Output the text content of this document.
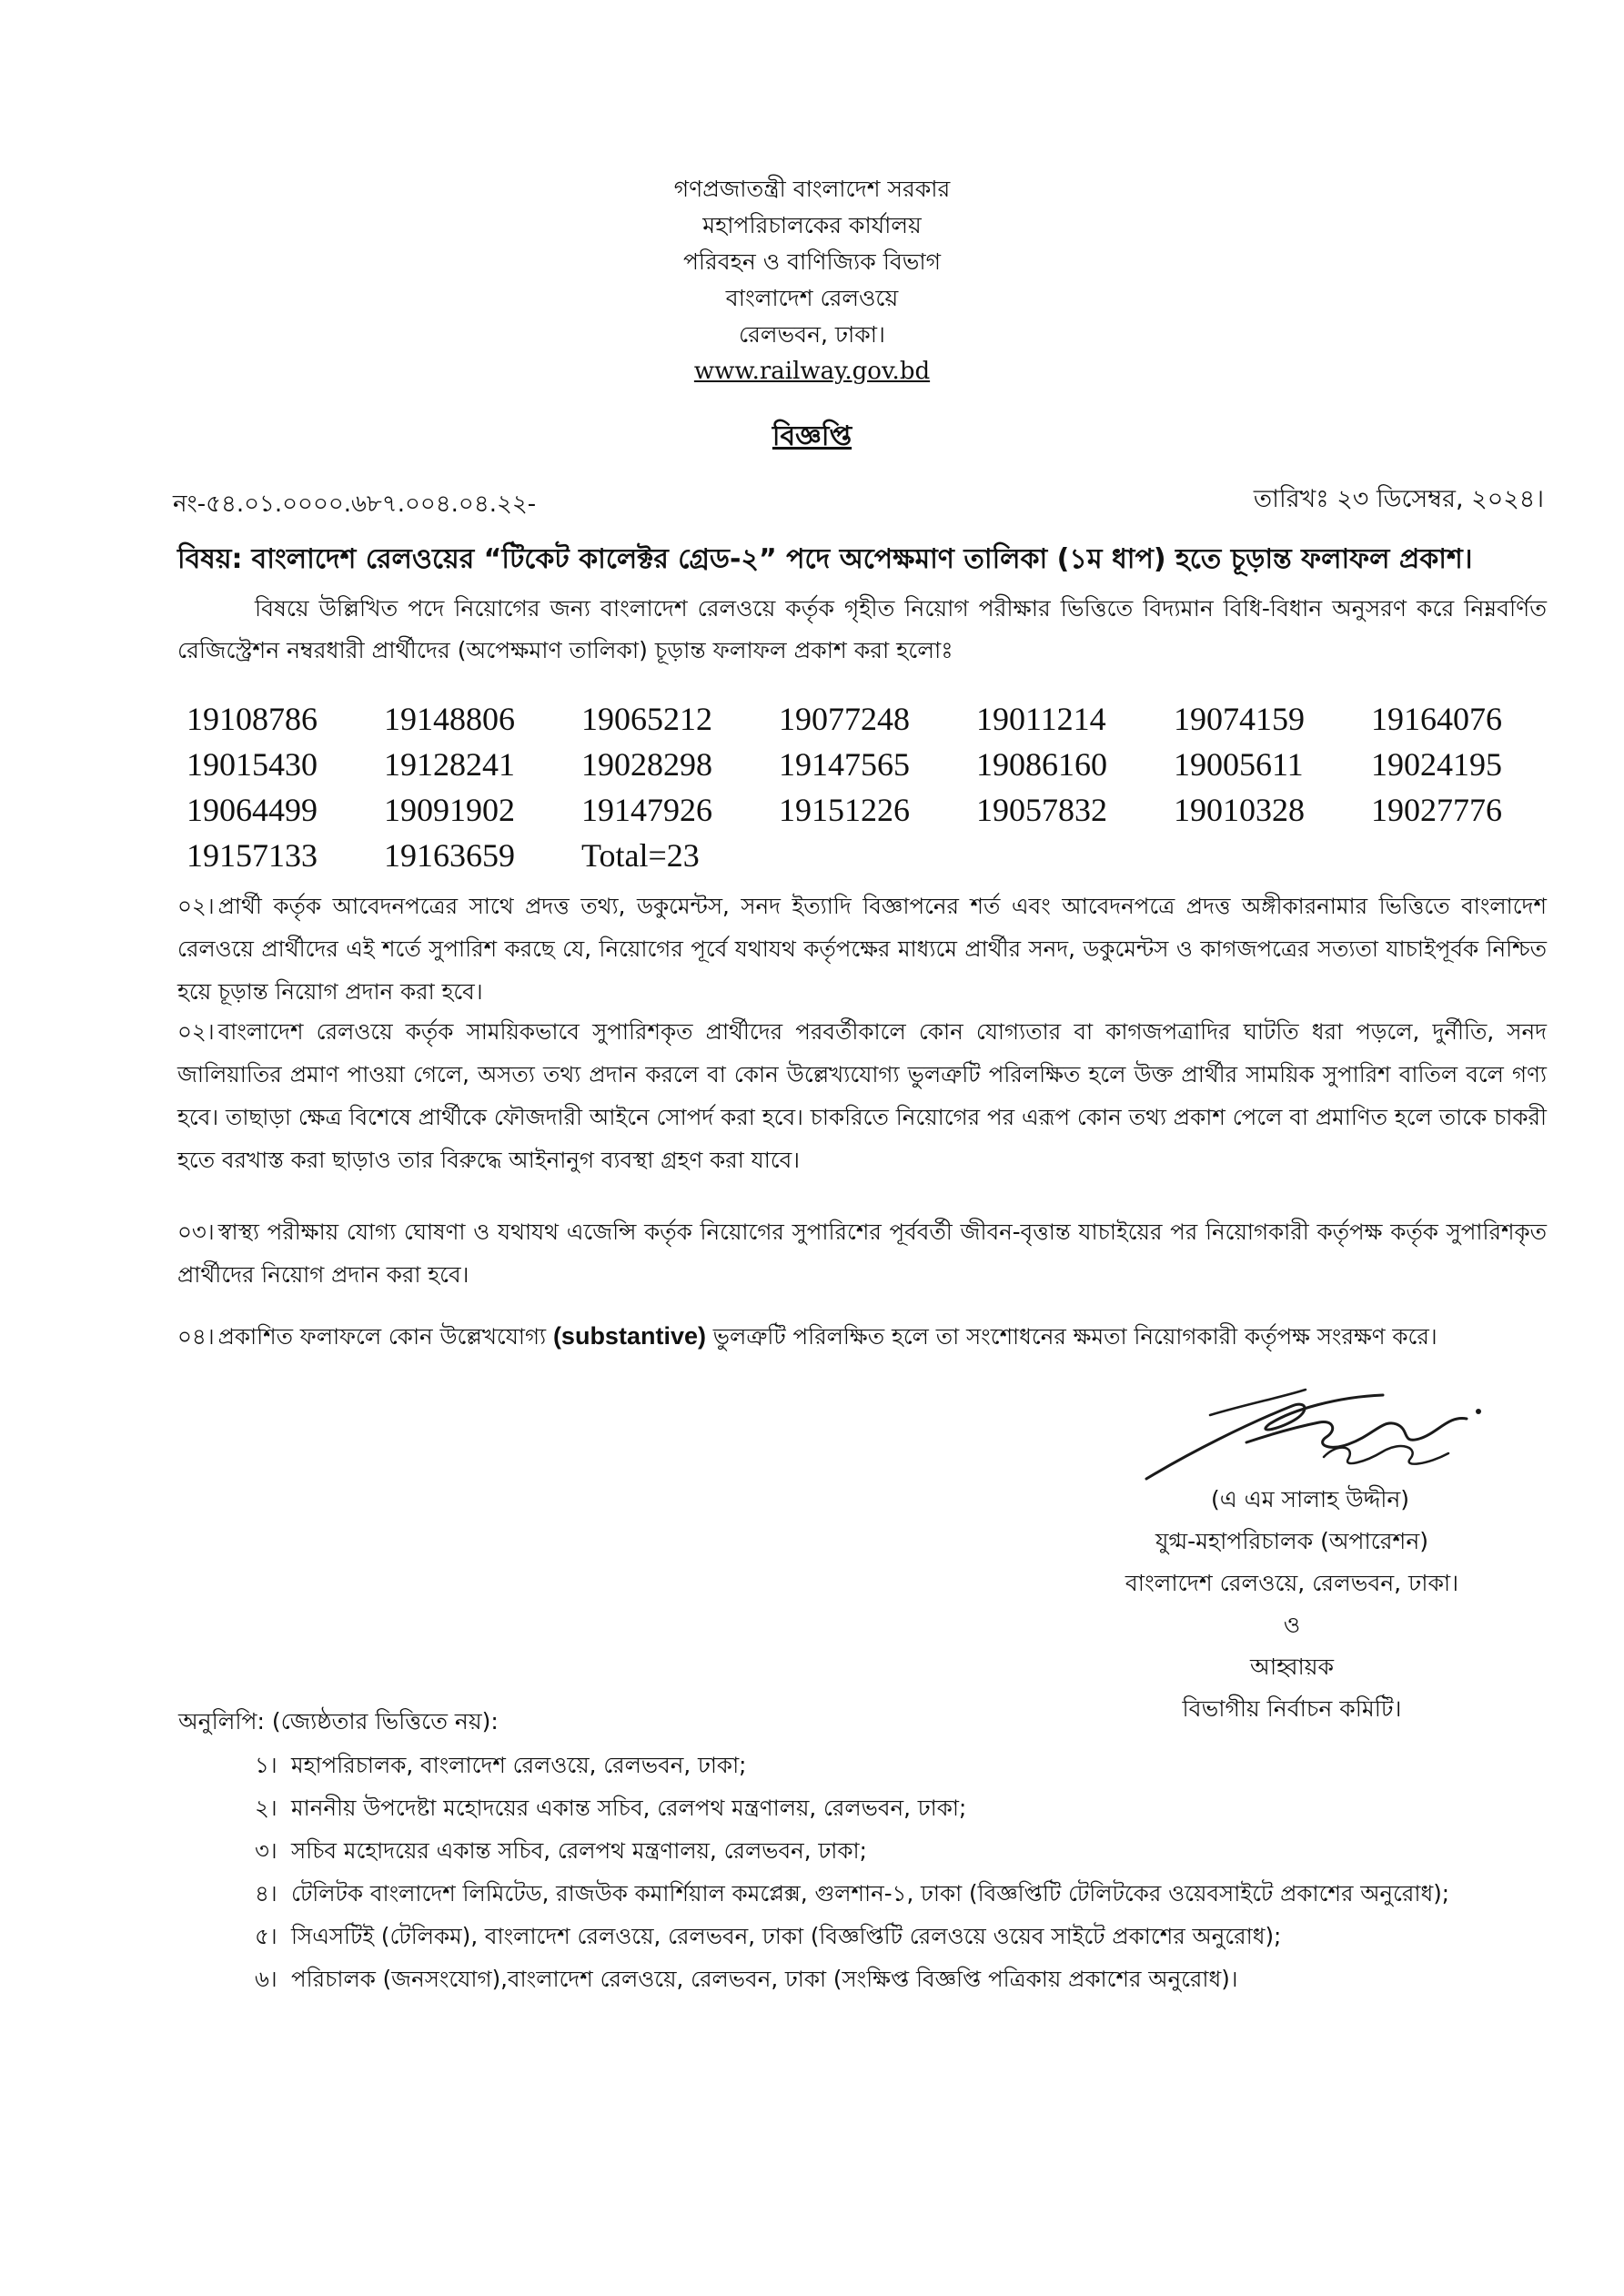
গণপ্রজাতন্ত্রী বাংলাদেশ সরকার
মহাপরিচালকের কার্যালয়
পরিবহন ও বাণিজ্যিক বিভাগ
বাংলাদেশ রেলওয়ে
রেলভবন, ঢাকা।
www.railway.gov.bd
বিজ্ঞপ্তি
নং-৫৪.০১.০০০০.৬৮৭.০০৪.০৪.২২-	তারিখঃ ২৩ ডিসেম্বর, ২০২৪।
বিষয়: বাংলাদেশ রেলওয়ের “টিকেট কালেক্টর গ্রেড-২” পদে অপেক্ষমাণ তালিকা (১ম ধাপ) হতে চূড়ান্ত ফলাফল প্রকাশ।
বিষয়ে উল্লিখিত পদে নিয়োগের জন্য বাংলাদেশ রেলওয়ে কর্তৃক গৃহীত নিয়োগ পরীক্ষার ভিত্তিতে বিদ্যমান বিধি-বিধান অনুসরণ করে নিম্নবর্ণিত রেজিস্ট্রেশন নম্বরধারী প্রার্থীদের (অপেক্ষমাণ তালিকা) চূড়ান্ত ফলাফল প্রকাশ করা হলোঃ
19108786	19148806	19065212	19077248	19011214	19074159	19164076
19015430	19128241	19028298	19147565	19086160	19005611	19024195
19064499	19091902	19147926	19151226	19057832	19010328	19027776
19157133	19163659	Total=23
০২। প্রার্থী কর্তৃক আবেদনপত্রের সাথে প্রদত্ত তথ্য, ডকুমেন্টস, সনদ ইত্যাদি বিজ্ঞাপনের শর্ত এবং আবেদনপত্রে প্রদত্ত অঙ্গীকারনামার ভিত্তিতে বাংলাদেশ রেলওয়ে প্রার্থীদের এই শর্তে সুপারিশ করছে যে, নিয়োগের পূর্বে যথাযথ কর্তৃপক্ষের মাধ্যমে প্রার্থীর সনদ, ডকুমেন্টস ও কাগজপত্রের সত্যতা যাচাইপূর্বক নিশ্চিত হয়ে চূড়ান্ত নিয়োগ প্রদান করা হবে।
০২। বাংলাদেশ রেলওয়ে কর্তৃক সাময়িকভাবে সুপারিশকৃত প্রার্থীদের পরবর্তীকালে কোন যোগ্যতার বা কাগজপত্রাদির ঘাটতি ধরা পড়লে, দুর্নীতি, সনদ জালিয়াতির প্রমাণ পাওয়া গেলে, অসত্য তথ্য প্রদান করলে বা কোন উল্লেখ্যযোগ্য ভুলত্রুটি পরিলক্ষিত হলে উক্ত প্রার্থীর সাময়িক সুপারিশ বাতিল বলে গণ্য হবে। তাছাড়া ক্ষেত্র বিশেষে প্রার্থীকে ফৌজদারী আইনে সোপর্দ করা হবে। চাকরিতে নিয়োগের পর এরূপ কোন তথ্য প্রকাশ পেলে বা প্রমাণিত হলে তাকে চাকরী হতে বরখাস্ত করা ছাড়াও তার বিরুদ্ধে আইনানুগ ব্যবস্থা গ্রহণ করা যাবে।
০৩। স্বাস্থ্য পরীক্ষায় যোগ্য ঘোষণা ও যথাযথ এজেন্সি কর্তৃক নিয়োগের সুপারিশের পূর্ববর্তী জীবন-বৃত্তান্ত যাচাইয়ের পর নিয়োগকারী কর্তৃপক্ষ কর্তৃক সুপারিশকৃত প্রার্থীদের নিয়োগ প্রদান করা হবে।
০৪। প্রকাশিত ফলাফলে কোন উল্লেখযোগ্য (substantive) ভুলত্রুটি পরিলক্ষিত হলে তা সংশোধনের ক্ষমতা নিয়োগকারী কর্তৃপক্ষ সংরক্ষণ করে।
(এ এম সালাহ উদ্দীন)
যুগ্ম-মহাপরিচালক (অপারেশন)
বাংলাদেশ রেলওয়ে, রেলভবন, ঢাকা।
ও
আহ্বায়ক
বিভাগীয় নির্বাচন কমিটি।
অনুলিপি: (জ্যেষ্ঠতার ভিত্তিতে নয়):
১। মহাপরিচালক, বাংলাদেশ রেলওয়ে, রেলভবন, ঢাকা;
২। মাননীয় উপদেষ্টা মহোদয়ের একান্ত সচিব, রেলপথ মন্ত্রণালয়, রেলভবন, ঢাকা;
৩। সচিব মহোদয়ের একান্ত সচিব, রেলপথ মন্ত্রণালয়, রেলভবন, ঢাকা;
৪। টেলিটক বাংলাদেশ লিমিটেড, রাজউক কমার্শিয়াল কমপ্লেক্স, গুলশান-১, ঢাকা (বিজ্ঞপ্তিটি টেলিটকের ওয়েবসাইটে প্রকাশের অনুরোধ);
৫। সিএসটিই (টেলিকম), বাংলাদেশ রেলওয়ে, রেলভবন, ঢাকা (বিজ্ঞপ্তিটি রেলওয়ে ওয়েব সাইটে প্রকাশের অনুরোধ);
৬। পরিচালক (জনসংযোগ),বাংলাদেশ রেলওয়ে, রেলভবন, ঢাকা (সংক্ষিপ্ত বিজ্ঞপ্তি পত্রিকায় প্রকাশের অনুরোধ)।
